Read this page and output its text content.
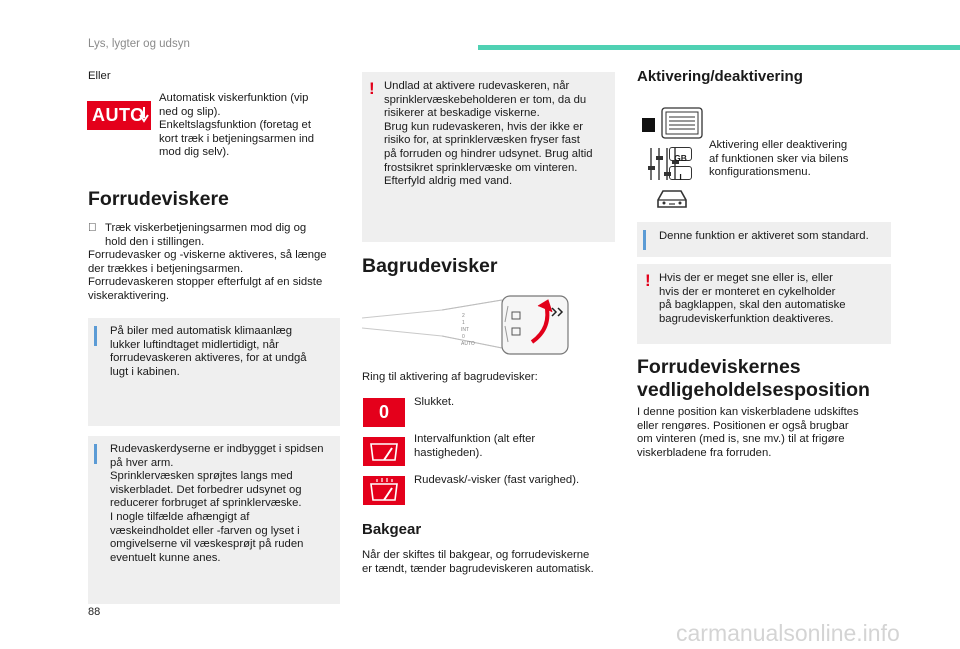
Lys, lygter og udsyn
Eller
AUTO
Automatisk viskerfunktion (vip
ned og slip).
Enkeltslagsfunktion (foretag et
kort træk i betjeningsarmen ind
mod dig selv).
Forrudeviskere
Træk viskerbetjeningsarmen mod dig og
hold den i stillingen.
Forrudevasker og -viskerne aktiveres, så længe
der trækkes i betjeningsarmen.
Forrudevaskeren stopper efterfulgt af en sidste
viskeraktivering.
På biler med automatisk klimaanlæg
lukker luftindtaget midlertidigt, når
forrudevaskeren aktiveres, for at undgå
lugt i kabinen.
Rudevaskerdyserne er indbygget i spidsen
på hver arm.
Sprinklervæsken sprøjtes langs med
viskerbladet. Det forbedrer udsynet og
reducerer forbruget af sprinklervæske.
I nogle tilfælde afhængigt af
væskeindholdet eller -farven og lyset i
omgivelserne vil væskesprøjt på ruden
eventuelt kunne anes.
! Undlad at aktivere rudevaskeren, når
sprinklervæskebeholderen er tom, da du
risikerer at beskadige viskerne.
Brug kun rudevaskeren, hvis der ikke er
risiko for, at sprinklervæsken fryser fast
på forruden og hindrer udsynet. Brug altid
frostsikret sprinklervæske om vinteren.
Efterfyld aldrig med vand.
Bagrudevisker
2
1
INT
0
AUTO
Ring til aktivering af bagrudevisker:
0	Slukket.
Intervalfunktion (alt efter
hastigheden).
Rudevask/-visker (fast varighed).
Bakgear
Når der skiftes til bakgear, og forrudeviskerne
er tændt, tænder bagrudeviskeren automatisk.
Aktivering/deaktivering
GB
I
Aktivering eller deaktivering
af funktionen sker via bilens
konfigurationsmenu.
Denne funktion er aktiveret som standard.
! Hvis der er meget sne eller is, eller
hvis der er monteret en cykelholder
på bagklappen, skal den automatiske
bagrudeviskerfunktion deaktiveres.
Forrudeviskernes
vedligeholdelsesposition
I denne position kan viskerbladene udskiftes
eller rengøres. Positionen er også brugbar
om vinteren (med is, sne mv.) til at frigøre
viskerbladene fra forruden.
88
carmanualsonline.info
